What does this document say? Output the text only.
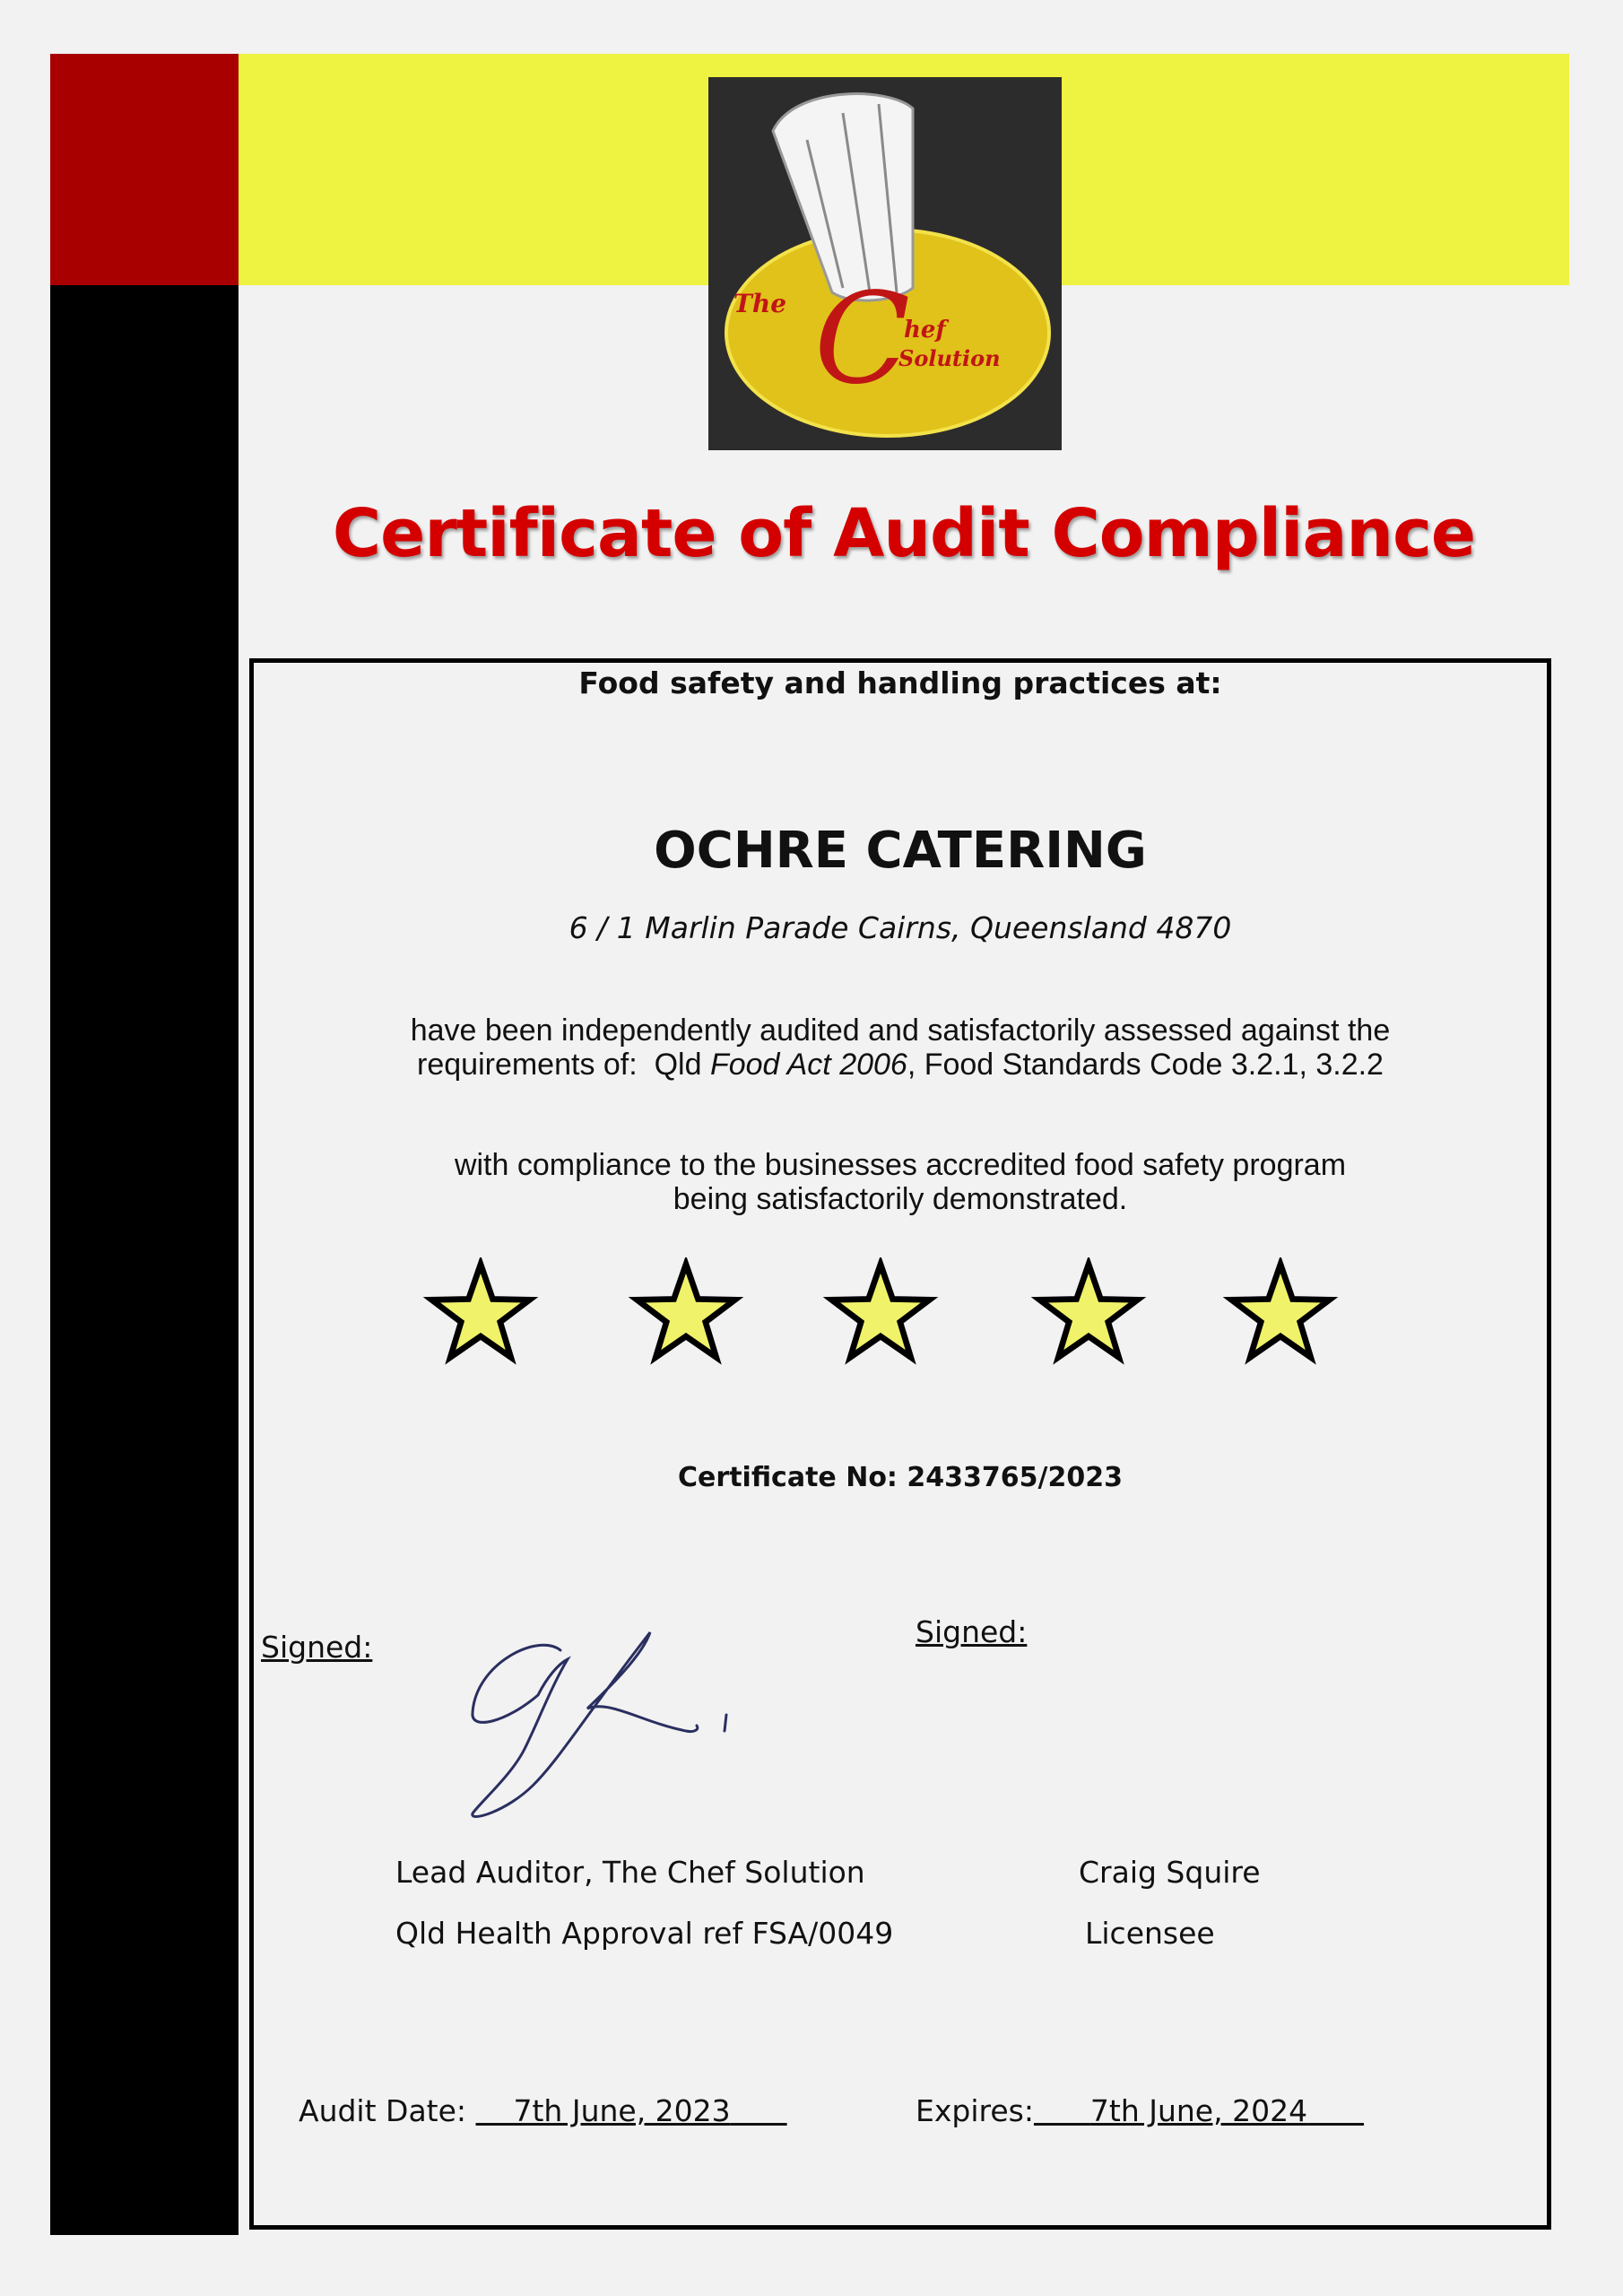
The C
hef
Solution
Certificate of Audit Compliance
Food safety and handling practices at:
OCHRE CATERING
6 / 1 Marlin Parade Cairns, Queensland 4870
have been independently audited and satisfactorily assessed against the
requirements of:  Qld Food Act 2006, Food Standards Code 3.2.1, 3.2.2
with compliance to the businesses accredited food safety program
being satisfactorily demonstrated.
Certificate No: 2433765/2023
Signed:	Signed:
Lead Auditor, The Chef Solution
Qld Health Approval ref FSA/0049
Craig Squire
Licensee
Audit Date:     7th June, 2023	Expires: 7th June, 2024
